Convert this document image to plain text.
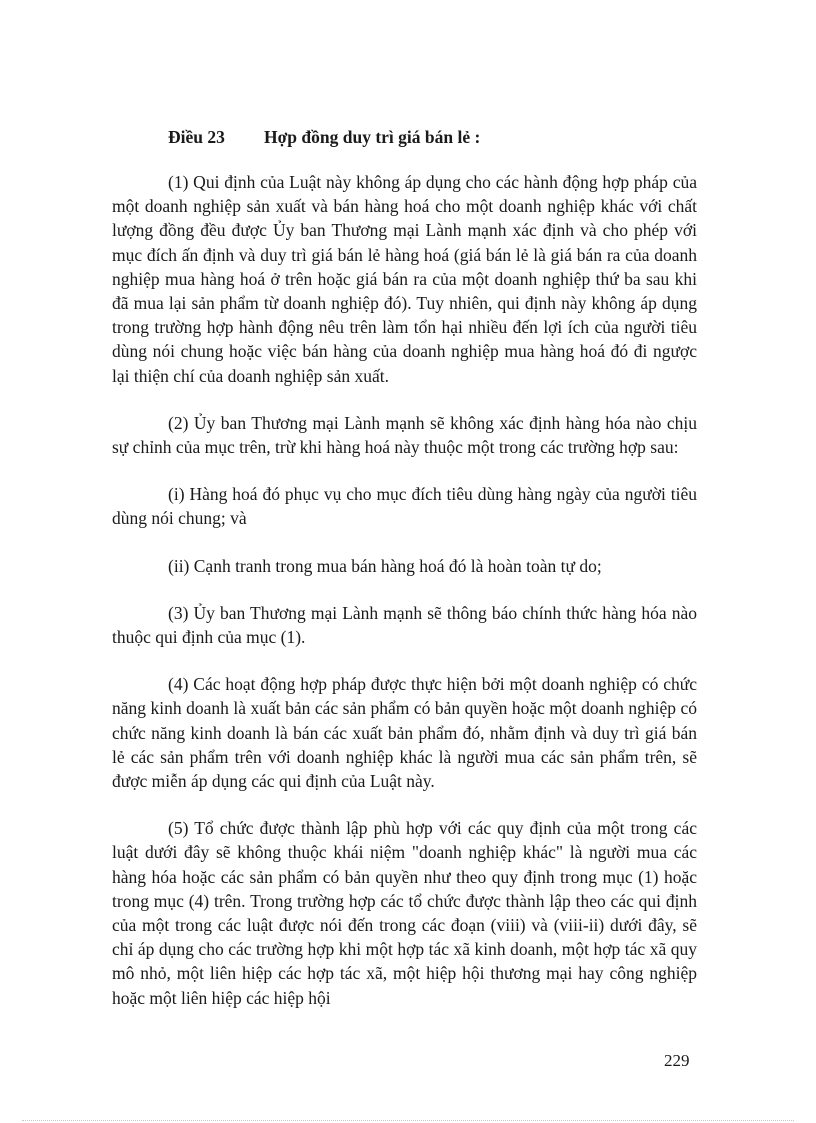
Điều 23 Hợp đồng duy trì giá bán lẻ :

(1) Qui định của Luật này không áp dụng cho các hành động hợp pháp của một doanh nghiệp sản xuất và bán hàng hoá cho một doanh nghiệp khác với chất lượng đồng đều được Ủy ban Thương mại Lành mạnh xác định và cho phép với mục đích ấn định và duy trì giá bán lẻ hàng hoá (giá bán lẻ là giá bán ra của doanh nghiệp mua hàng hoá ở trên hoặc giá bán ra của một doanh nghiệp thứ ba sau khi đã mua lại sản phẩm từ doanh nghiệp đó). Tuy nhiên, qui định này không áp dụng trong trường hợp hành động nêu trên làm tổn hại nhiều đến lợi ích của người tiêu dùng nói chung hoặc việc bán hàng của doanh nghiệp mua hàng hoá đó đi ngược lại thiện chí của doanh nghiệp sản xuất.

(2) Ủy ban Thương mại Lành mạnh sẽ không xác định hàng hóa nào chịu sự chỉnh của mục trên, trừ khi hàng hoá này thuộc một trong các trường hợp sau:

(i) Hàng hoá đó phục vụ cho mục đích tiêu dùng hàng ngày của người tiêu dùng nói chung; và

(ii) Cạnh tranh trong mua bán hàng hoá đó là hoàn toàn tự do;

(3) Ủy ban Thương mại Lành mạnh sẽ thông báo chính thức hàng hóa nào thuộc qui định của mục (1).

(4) Các hoạt động hợp pháp được thực hiện bởi một doanh nghiệp có chức năng kinh doanh là xuất bản các sản phẩm có bản quyền hoặc một doanh nghiệp có chức năng kinh doanh là bán các xuất bản phẩm đó, nhằm định và duy trì giá bán lẻ các sản phẩm trên với doanh nghiệp khác là người mua các sản phẩm trên, sẽ được miễn áp dụng các qui định của Luật này.

(5) Tổ chức được thành lập phù hợp với các quy định của một trong các luật dưới đây sẽ không thuộc khái niệm "doanh nghiệp khác" là người mua các hàng hóa hoặc các sản phẩm có bản quyền như theo quy định trong mục (1) hoặc trong mục (4) trên. Trong trường hợp các tổ chức được thành lập theo các qui định của một trong các luật được nói đến trong các đoạn (viii) và (viii-ii) dưới đây, sẽ chỉ áp dụng cho các trường hợp khi một hợp tác xã kinh doanh, một hợp tác xã quy mô nhỏ, một liên hiệp các hợp tác xã, một hiệp hội thương mại hay công nghiệp hoặc một liên hiệp các hiệp hội

229
